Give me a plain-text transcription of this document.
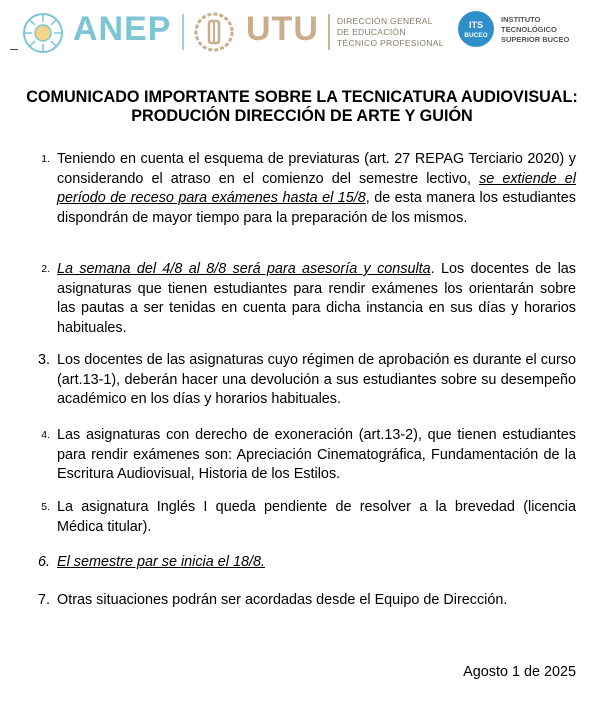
ANEP UTU DIRECCIÓN GENERAL
DE EDUCACIÓN
TÉCNICO PROFESIONAL
ITS
BUCEO
INSTITUTO
TECNOLÓGICO
SUPERIOR BUCEO
COMUNICADO IMPORTANTE SOBRE LA TECNICATURA AUDIOVISUAL: PRODUCIÓN DIRECCIÓN DE ARTE Y GUIÓN
1. Teniendo en cuenta el esquema de previaturas (art. 27 REPAG Terciario 2020) y considerando el atraso en el comienzo del semestre lectivo, se extiende el período de receso para exámenes hasta el 15/8, de esta manera los estudiantes dispondrán de mayor tiempo para la preparación de los mismos.
2. La semana del 4/8 al 8/8 será para asesoría y consulta. Los docentes de las asignaturas que tienen estudiantes para rendir exámenes los orientarán sobre las pautas a ser tenidas en cuenta para dicha instancia en sus días y horarios habituales.
3. Los docentes de las asignaturas cuyo régimen de aprobación es durante el curso (art.13-1), deberán hacer una devolución a sus estudiantes sobre su desempeño académico en los días y horarios habituales.
4. Las asignaturas con derecho de exoneración (art.13-2), que tienen estudiantes para rendir exámenes son: Apreciación Cinematográfica, Fundamentación de la Escritura Audiovisual, Historia de los Estilos.
5. La asignatura Inglés I queda pendiente de resolver a la brevedad (licencia Médica titular).
6. El semestre par se inicia el 18/8.
7. Otras situaciones podrán ser acordadas desde el Equipo de Dirección.
Agosto 1 de 2025
